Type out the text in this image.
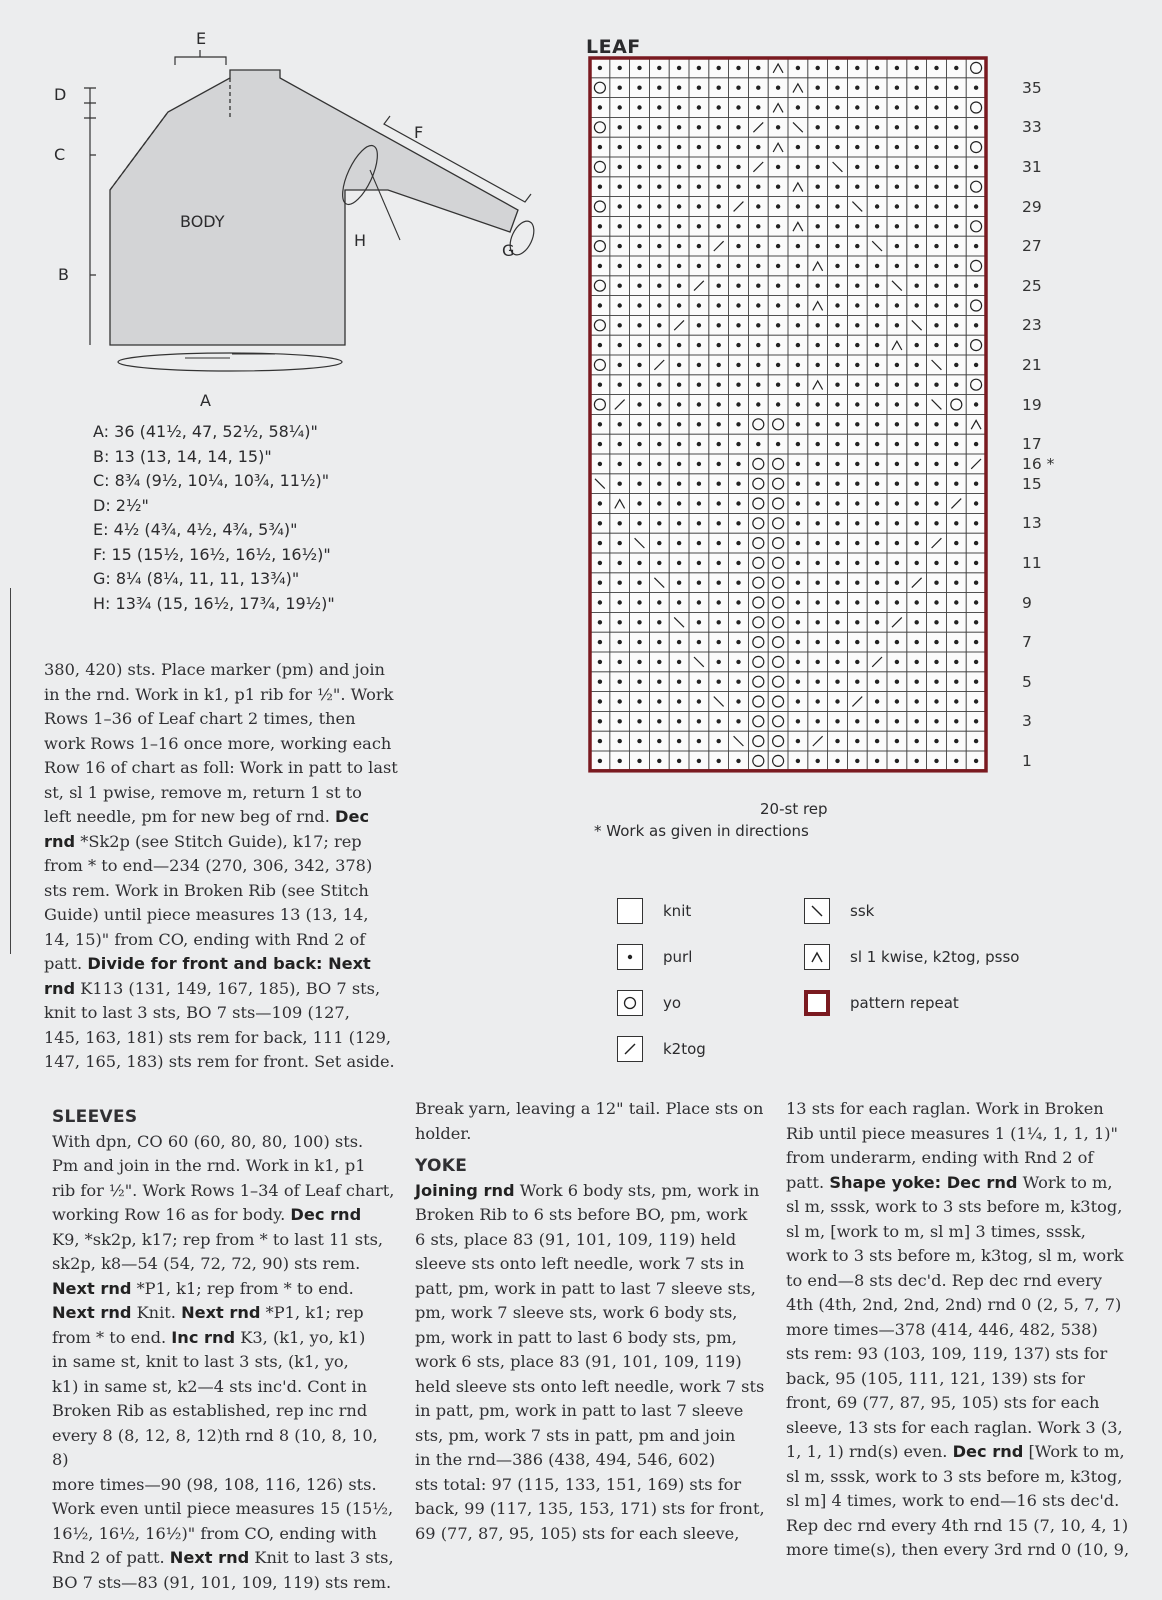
E
D
C
B
BODY
F
H
G
A
A: 36 (41½, 47, 52½, 58¼)"
B: 13 (13, 14, 14, 15)"
C: 8¾ (9½, 10¼, 10¾, 11½)"
D: 2½"
E: 4½ (4¾, 4½, 4¾, 5¾)"
F: 15 (15½, 16½, 16½, 16½)"
G: 8¼ (8¼, 11, 11, 13¾)"
H: 13¾ (15, 16½, 17¾, 19½)"
380, 420) sts. Place marker (pm) and join
in the rnd. Work in k1, p1 rib for ½". Work
Rows 1–36 of Leaf chart 2 times, then
work Rows 1–16 once more, working each
Row 16 of chart as foll: Work in patt to last
st, sl 1 pwise, remove m, return 1 st to
left needle, pm for new beg of rnd. Dec
rnd *Sk2p (see Stitch Guide), k17; rep
from * to end—234 (270, 306, 342, 378)
sts rem. Work in Broken Rib (see Stitch
Guide) until piece measures 13 (13, 14,
14, 15)" from CO, ending with Rnd 2 of
patt. Divide for front and back: Next
rnd K113 (131, 149, 167, 185), BO 7 sts,
knit to last 3 sts, BO 7 sts—109 (127,
145, 163, 181) sts rem for back, 111 (129,
147, 165, 183) sts rem for front. Set aside.
SLEEVES
With dpn, CO 60 (60, 80, 80, 100) sts.
Pm and join in the rnd. Work in k1, p1
rib for ½". Work Rows 1–34 of Leaf chart,
working Row 16 as for body. Dec rnd
K9, *sk2p, k17; rep from * to last 11 sts,
sk2p, k8—54 (54, 72, 72, 90) sts rem.
Next rnd *P1, k1; rep from * to end.
Next rnd Knit. Next rnd *P1, k1; rep
from * to end. Inc rnd K3, (k1, yo, k1)
in same st, knit to last 3 sts, (k1, yo,
k1) in same st, k2—4 sts inc'd. Cont in
Broken Rib as established, rep inc rnd
every 8 (8, 12, 8, 12)th rnd 8 (10, 8, 10, 8)
more times—90 (98, 108, 116, 126) sts.
Work even until piece measures 15 (15½,
16½, 16½, 16½)" from CO, ending with
Rnd 2 of patt. Next rnd Knit to last 3 sts,
BO 7 sts—83 (91, 101, 109, 119) sts rem.
Break yarn, leaving a 12" tail. Place sts on
holder.
YOKE
Joining rnd Work 6 body sts, pm, work in
Broken Rib to 6 sts before BO, pm, work
6 sts, place 83 (91, 101, 109, 119) held
sleeve sts onto left needle, work 7 sts in
patt, pm, work in patt to last 7 sleeve sts,
pm, work 7 sleeve sts, work 6 body sts,
pm, work in patt to last 6 body sts, pm,
work 6 sts, place 83 (91, 101, 109, 119)
held sleeve sts onto left needle, work 7 sts
in patt, pm, work in patt to last 7 sleeve
sts, pm, work 7 sts in patt, pm and join
in the rnd—386 (438, 494, 546, 602)
sts total: 97 (115, 133, 151, 169) sts for
back, 99 (117, 135, 153, 171) sts for front,
69 (77, 87, 95, 105) sts for each sleeve,
13 sts for each raglan. Work in Broken
Rib until piece measures 1 (1¼, 1, 1, 1)"
from underarm, ending with Rnd 2 of
patt. Shape yoke: Dec rnd Work to m,
sl m, sssk, work to 3 sts before m, k3tog,
sl m, [work to m, sl m] 3 times, sssk,
work to 3 sts before m, k3tog, sl m, work
to end—8 sts dec'd. Rep dec rnd every
4th (4th, 2nd, 2nd, 2nd) rnd 0 (2, 5, 7, 7)
more times—378 (414, 446, 482, 538)
sts rem: 93 (103, 109, 119, 137) sts for
back, 95 (105, 111, 121, 139) sts for
front, 69 (77, 87, 95, 105) sts for each
sleeve, 13 sts for each raglan. Work 3 (3,
1, 1, 1) rnd(s) even. Dec rnd [Work to m,
sl m, sssk, work to 3 sts before m, k3tog,
sl m] 4 times, work to end—16 sts dec'd.
Rep dec rnd every 4th rnd 15 (7, 10, 4, 1)
more time(s), then every 3rd rnd 0 (10, 9,
LEAF
35
33
31
29
27
25
23
21
19
17
16 *
15
13
11
9
7
5
3
1
20-st rep
* Work as given in directions
knit
purl
yo
k2tog
ssk
sl 1 kwise, k2tog, psso
pattern repeat
